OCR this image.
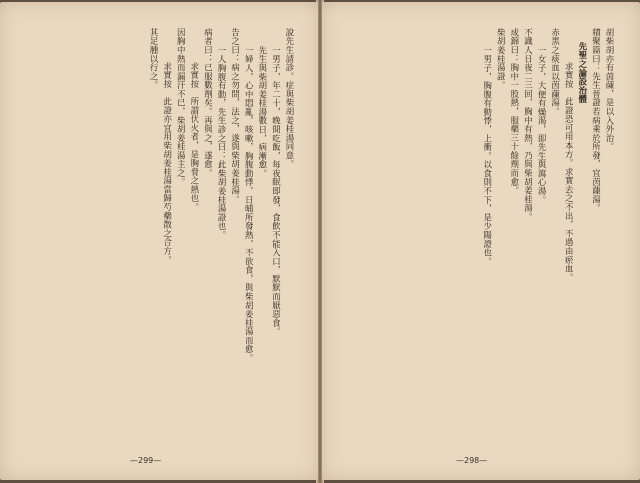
說先生請診。症與柴胡姜桂湯同意。
一男子，年二十，晚間吃飯，每夜眠即發，食飲不能入口，默默而厭惡食。
先生與柴胡姜桂湯數日，病漸愈。
一婦人，心中悶亂，咳嗽，胸腹動悸，日晡所發熱，不欲食，與柴胡姜桂湯而愈。
告之曰：病之勿問，法之，遂與柴胡姜桂湯。
一人胸腹有動，先生診之曰：此柴胡姜桂湯證也。
病者曰：已服數劑矣。再與之，遂愈。
求實按　所謂伏火者，是胸脅之熱也。
因胸中熱而漏汗不已，柴胡姜桂湯主之。
求實按　此證亦宜用柴胡姜桂湯當歸芍藥散之合方。
其足腫以行之。
—299—
胡柴胡亦有茵蔯，是以入外治。
積聚篇曰：先生晉證若病乘於所發，宜茵蔯湯。
先聖之論設治體
求實按　此證恐可用本方。求實去之不出，不過由瘀血。
赤黑之痰血以茵蔯湯。
一女子，大便有燥渴，即先生與瀉心湯。
不識人日夜二三回，胸中有熱，乃與柴胡姜桂湯。
成錦曰：胸中一股熱，服藥三十餘劑而愈。
柴胡姜桂湯證。
一男子，胸腹有動悸，上衝。以食則不下，是少陽證也。
—298—
